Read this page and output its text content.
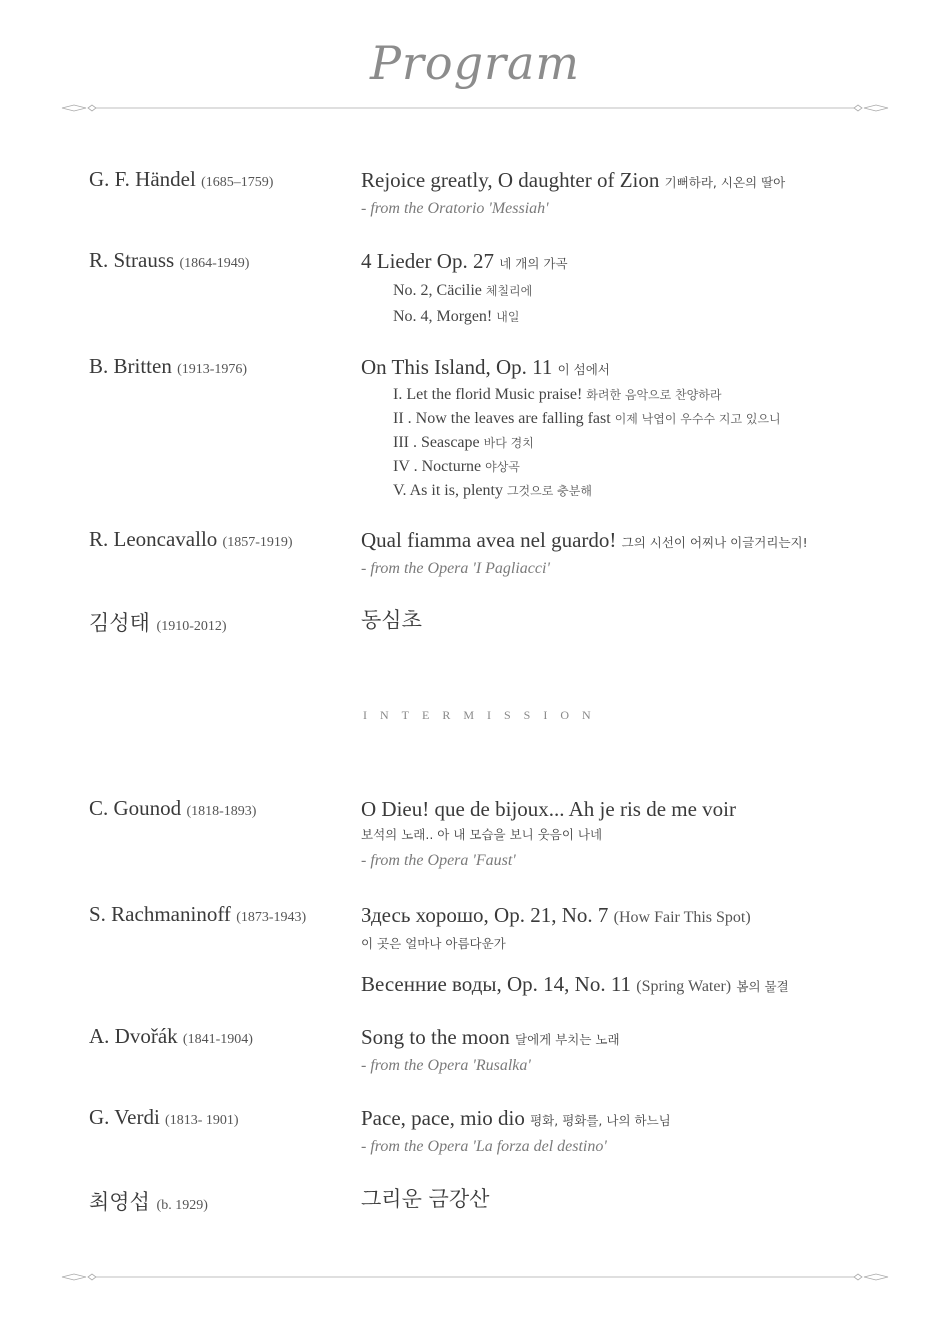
Program
G. F. Händel (1685–1759)	Rejoice greatly, O daughter of Zion 기뻐하라, 시온의 딸아
- from the Oratorio 'Messiah'
R. Strauss (1864-1949)	4 Lieder Op. 27 네 개의 가곡
No. 2, Cäcilie 체칠리에
No. 4, Morgen! 내일
B. Britten (1913-1976)	On This Island, Op. 11 이 섬에서
I. Let the florid Music praise! 화려한 음악으로 찬양하라
II . Now the leaves are falling fast 이제 낙엽이 우수수 지고 있으니
III . Seascape 바다 경치
IV . Nocturne 야상곡
V. As it is, plenty 그것으로 충분해
R. Leoncavallo (1857-1919)	Qual fiamma avea nel guardo! 그의 시선이 어찌나 이글거리는지!
- from the Opera 'I Pagliacci'
김성태 (1910-2012)	동심초
INTERMISSION
C. Gounod (1818-1893)	O Dieu! que de bijoux... Ah je ris de me voir
보석의 노래.. 아 내 모습을 보니 웃음이 나네
- from the Opera 'Faust'
S. Rachmaninoff (1873-1943)	Здесь хорошо, Op. 21, No. 7 (How Fair This Spot)
이 곳은 얼마나 아름다운가
Весенние воды, Op. 14, No. 11 (Spring Water) 봄의 물결
A. Dvořák (1841-1904)	Song to the moon 달에게 부치는 노래
- from the Opera 'Rusalka'
G. Verdi (1813- 1901)	Pace, pace, mio dio 평화, 평화를, 나의 하느님
- from the Opera 'La forza del destino'
최영섭 (b. 1929)	그리운 금강산
